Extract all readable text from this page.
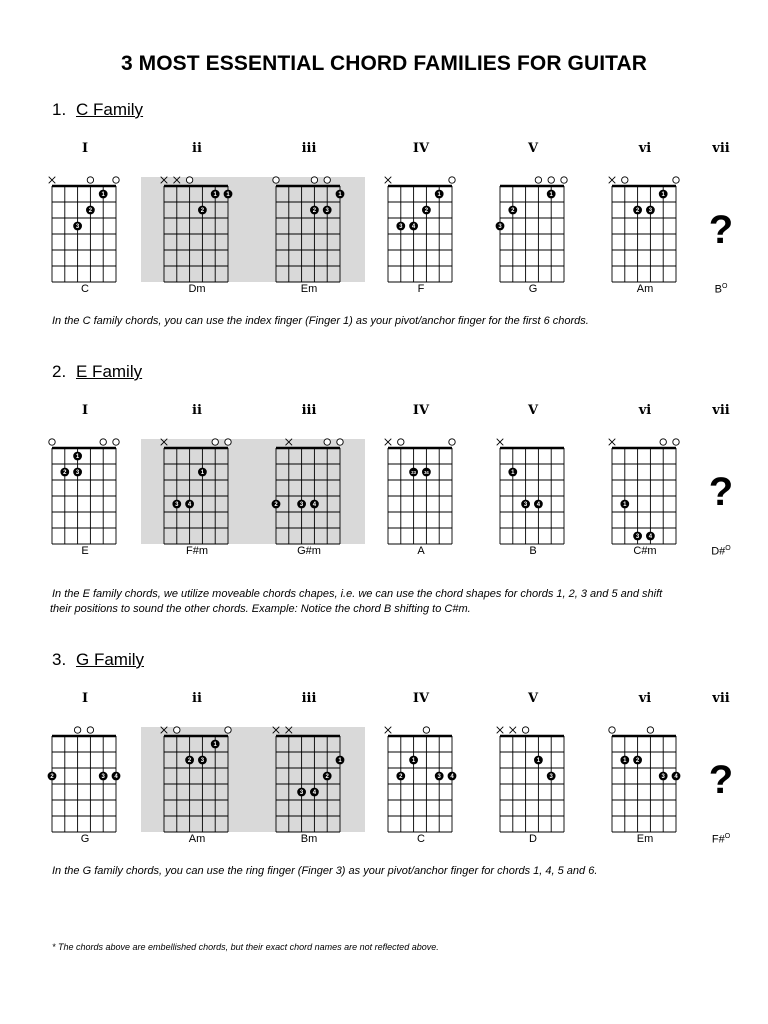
3 MOST ESSENTIAL CHORD FAMILIES FOR GUITAR
1. C Family
I	ii	iii	IV	V	vi	vii
1
2
3
C
1
1
2
Dm
2 3
1
Em
1
2
3 4
F
1
2
3
G
1
2 3
Am
?
$B^O$
In the C family chords, you can use the index finger (Finger 1) as your pivot/anchor finger for the first 6 chords.
2. E Family
I	ii	iii	IV	V	vi	vii
1
2 3
E
1
3 4
F#m
2	3 4
G#m
23 34
A
1
3 4
B
1
3 4
C#m
?
D#$^O$
In the E family chords, we utilize moveable chords chapes, i.e. we can use the chord shapes for chords 1, 2, 3 and 5 and shift
their positions to sound the other chords. Example: Notice the chord B shifting to C#m.
3. G Family
I	ii	iii	IV	V	vi	vii
2	3 4
G
1
2 3
Am
1
2
3 4
Bm
1
2	3 4
C
1
3
D
1 2
3 4
Em
?
F#$^O$
In the G family chords, you can use the ring finger (Finger 3) as your pivot/anchor finger for chords 1, 4, 5 and 6.
* The chords above are embellished chords, but their exact chord names are not reflected above.
